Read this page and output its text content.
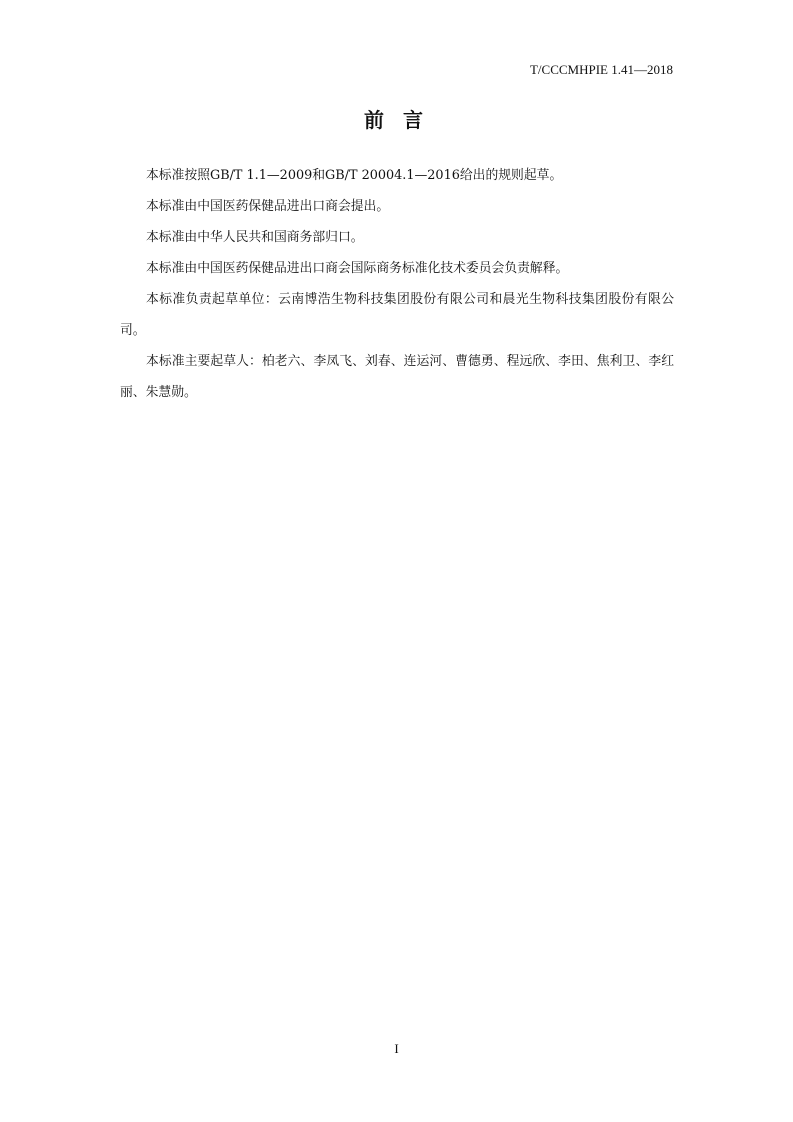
T/CCCMHPIE 1.41—2018
前 言

本标准按照GB/T 1.1—2009和GB/T 20004.1—2016给出的规则起草。

本标准由中国医药保健品进出口商会提出。

本标准由中华人民共和国商务部归口。

本标准由中国医药保健品进出口商会国际商务标准化技术委员会负责解释。

本标准负责起草单位：云南博浩生物科技集团股份有限公司和晨光生物科技集团股份有限公司。

本标准主要起草人：柏老六、李凤飞、刘春、连运河、曹德勇、程远欣、李田、焦利卫、李红丽、朱慧勋。

I
